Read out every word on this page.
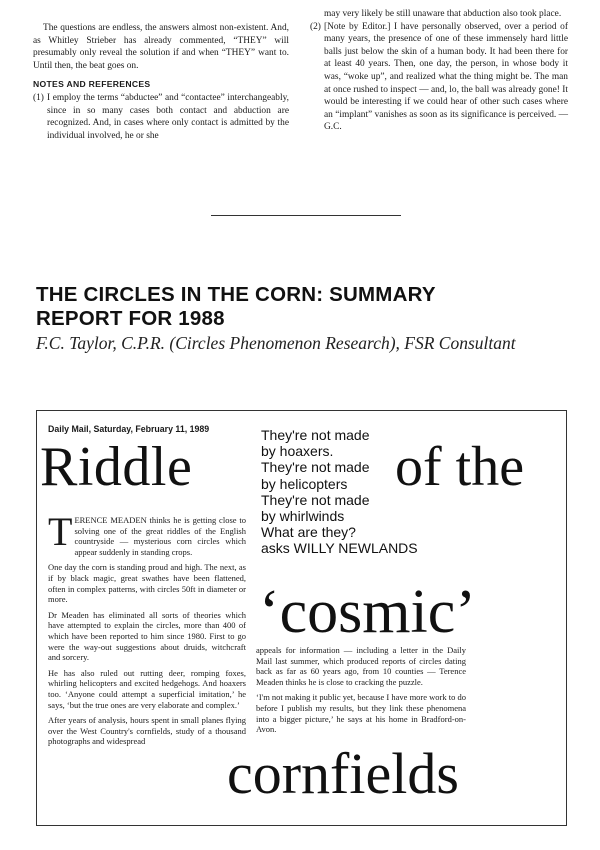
The questions are endless, the answers almost non-existent. And, as Whitley Strieber has already commented, “THEY” will presumably only reveal the solution if and when “THEY” want to. Until then, the beat goes on.

NOTES AND REFERENCES
(1) I employ the terms “abductee” and “contactee” interchangeably, since in so many cases both contact and abduction are recognized. And, in cases where only contact is admitted by the individual involved, he or she

may very likely be still unaware that abduction also took place.

(2) [Note by Editor.] I have personally observed, over a period of many years, the presence of one of these immensely hard little balls just below the skin of a human body. It had been there for at least 40 years. Then, one day, the person, in whose body it was, “woke up”, and realized what the thing might be. The man at once rushed to inspect — and, lo, the ball was already gone! It would be interesting if we could hear of other such cases where an “implant” vanishes as soon as its significance is perceived. — G.C.
THE CIRCLES IN THE CORN: SUMMARY
REPORT FOR 1988
F.C. Taylor, C.P.R. (Circles Phenomenon Research), FSR Consultant
Daily Mail, Saturday, February 11, 1989
Riddle
They're not made
by hoaxers.
They're not made
by helicopters
They're not made
by whirlwinds
What are they?
asks WILLY NEWLANDS
of the
‘cosmic’

TERENCE MEADEN thinks he is getting close to solving one of the great riddles of the English countryside — mysterious corn circles which appear suddenly in standing crops.

One day the corn is standing proud and high. The next, as if by black magic, great swathes have been flattened, often in complex patterns, with circles 50ft in diameter or more.

Dr Meaden has eliminated all sorts of theories which have attempted to explain the circles, more than 400 of which have been reported to him since 1980. First to go were the way-out suggestions about druids, witchcraft and sorcery.

He has also ruled out rutting deer, romping foxes, whirling helicopters and excited hedgehogs. And hoaxers too. ‘Anyone could attempt a superficial imitation,’ he says, ‘but the true ones are very elaborate and complex.’

After years of analysis, hours spent in small planes flying over the West Country's cornfields, study of a thousand photographs and widespread

appeals for information — including a letter in the Daily Mail last summer, which produced reports of circles dating back as far as 60 years ago, from 10 counties — Terence Meaden thinks he is close to cracking the puzzle.

‘I'm not making it public yet, because I have more work to do before I publish my results, but they link these phenomena into a bigger picture,’ he says at his home in Bradford-on-Avon.

cornfields
